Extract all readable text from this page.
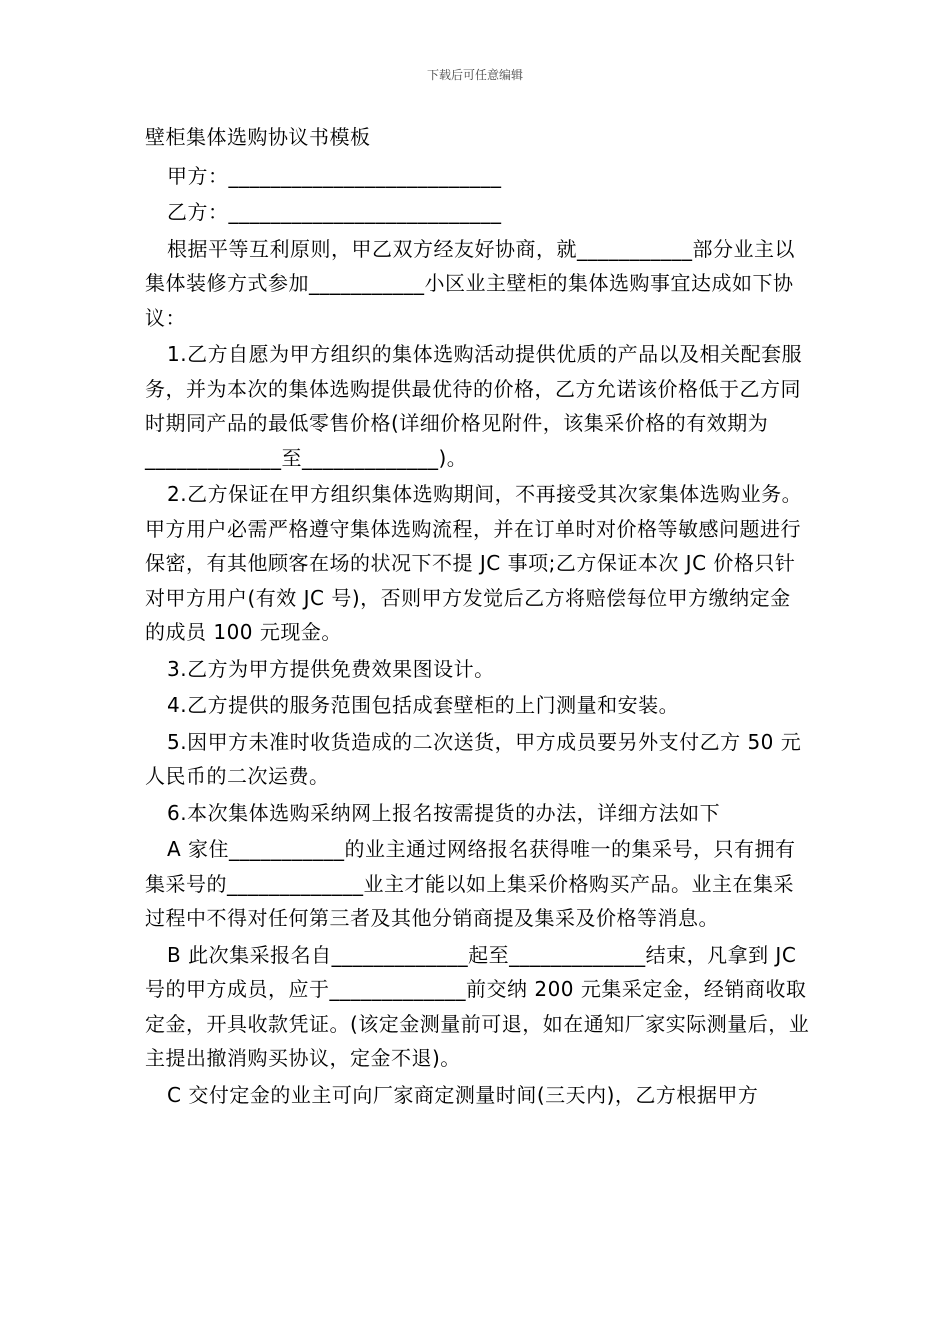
下载后可任意编辑

壁柜集体选购协议书模板

甲方：__________________________

乙方：__________________________

根据平等互利原则，甲乙双方经友好协商，就___________部分业主以集体装修方式参加___________小区业主壁柜的集体选购事宜达成如下协议：

1.乙方自愿为甲方组织的集体选购活动提供优质的产品以及相关配套服务，并为本次的集体选购提供最优待的价格，乙方允诺该价格低于乙方同时期同产品的最低零售价格(详细价格见附件，该集采价格的有效期为_____________至_____________)。

2.乙方保证在甲方组织集体选购期间，不再接受其次家集体选购业务。甲方用户必需严格遵守集体选购流程，并在订单时对价格等敏感问题进行保密，有其他顾客在场的状况下不提 JC 事项;乙方保证本次 JC 价格只针对甲方用户(有效 JC 号)，否则甲方发觉后乙方将赔偿每位甲方缴纳定金的成员 100 元现金。

3.乙方为甲方提供免费效果图设计。

4.乙方提供的服务范围包括成套壁柜的上门测量和安装。

5.因甲方未准时收货造成的二次送货，甲方成员要另外支付乙方 50 元人民币的二次运费。

6.本次集体选购采纳网上报名按需提货的办法，详细方法如下

A 家住___________的业主通过网络报名获得唯一的集采号，只有拥有集采号的_____________业主才能以如上集采价格购买产品。业主在集采过程中不得对任何第三者及其他分销商提及集采及价格等消息。

B 此次集采报名自_____________起至_____________结束，凡拿到 JC 号的甲方成员，应于_____________前交纳 200 元集采定金，经销商收取定金，开具收款凭证。(该定金测量前可退，如在通知厂家实际测量后，业主提出撤消购买协议，定金不退)。

C 交付定金的业主可向厂家商定测量时间(三天内)，乙方根据甲方
